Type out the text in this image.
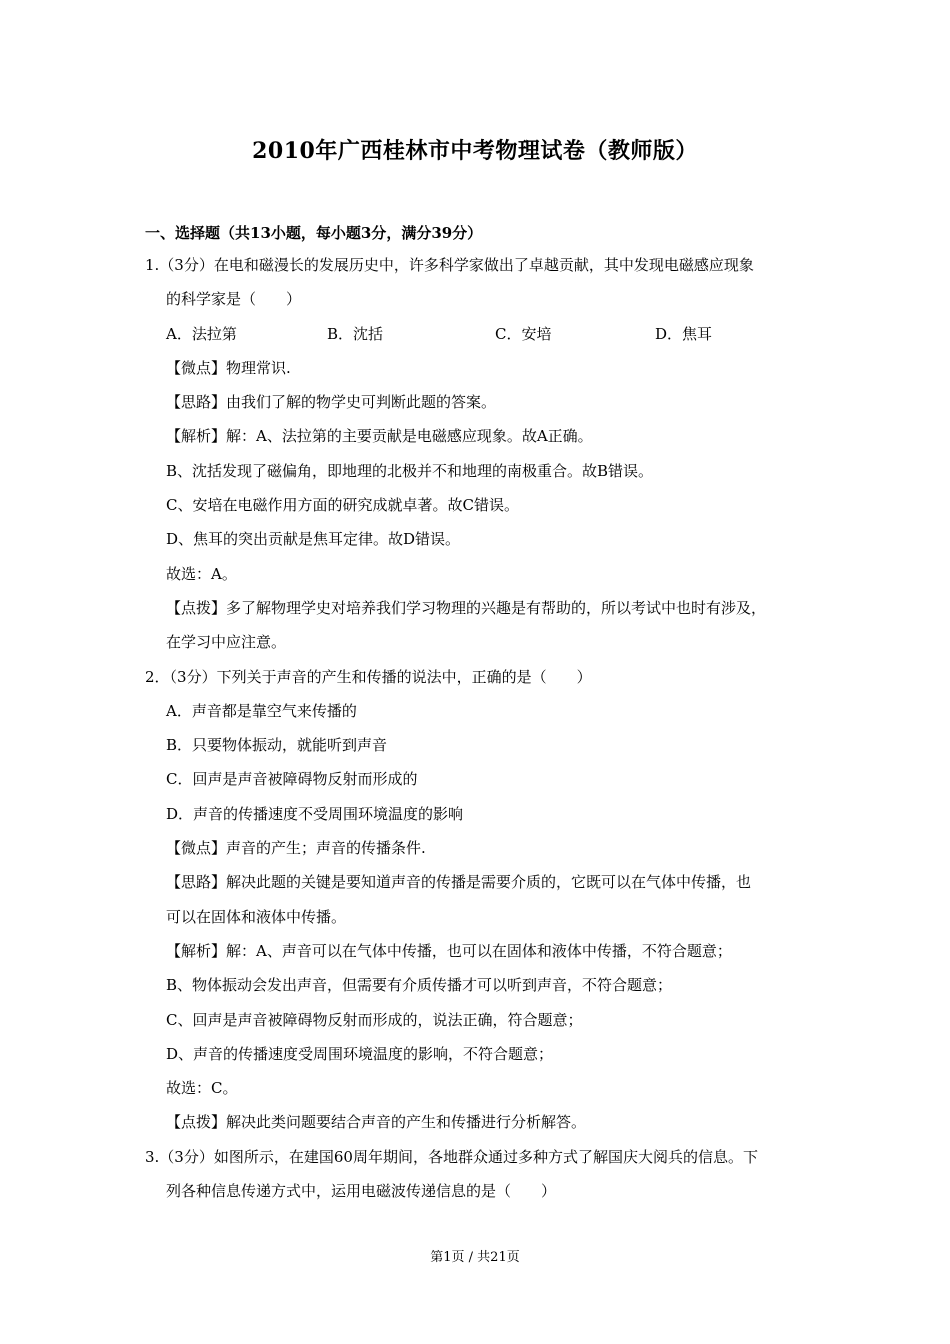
2010年广西桂林市中考物理试卷（教师版）
一、选择题（共13小题，每小题3分，满分39分）
1.（3分）在电和磁漫长的发展历史中，许多科学家做出了卓越贡献，其中发现电磁感应现象
的科学家是（　　）
A．法拉第	B．沈括	C．安培	D．焦耳
【微点】物理常识.
【思路】由我们了解的物学史可判断此题的答案。
【解析】解：A、法拉第的主要贡献是电磁感应现象。故A正确。
B、沈括发现了磁偏角，即地理的北极并不和地理的南极重合。故B错误。
C、安培在电磁作用方面的研究成就卓著。故C错误。
D、焦耳的突出贡献是焦耳定律。故D错误。
故选：A。
【点拨】多了解物理学史对培养我们学习物理的兴趣是有帮助的，所以考试中也时有涉及，
在学习中应注意。
2．（3分）下列关于声音的产生和传播的说法中，正确的是（　　）
A．声音都是靠空气来传播的
B．只要物体振动，就能听到声音
C．回声是声音被障碍物反射而形成的
D．声音的传播速度不受周围环境温度的影响
【微点】声音的产生；声音的传播条件.
【思路】解决此题的关键是要知道声音的传播是需要介质的，它既可以在气体中传播，也
可以在固体和液体中传播。
【解析】解：A、声音可以在气体中传播，也可以在固体和液体中传播，不符合题意；
B、物体振动会发出声音，但需要有介质传播才可以听到声音，不符合题意；
C、回声是声音被障碍物反射而形成的，说法正确，符合题意；
D、声音的传播速度受周围环境温度的影响，不符合题意；
故选：C。
【点拨】解决此类问题要结合声音的产生和传播进行分析解答。
3.（3分）如图所示，在建国60周年期间，各地群众通过多种方式了解国庆大阅兵的信息。下
列各种信息传递方式中，运用电磁波传递信息的是（　　）
第1页 / 共21页
